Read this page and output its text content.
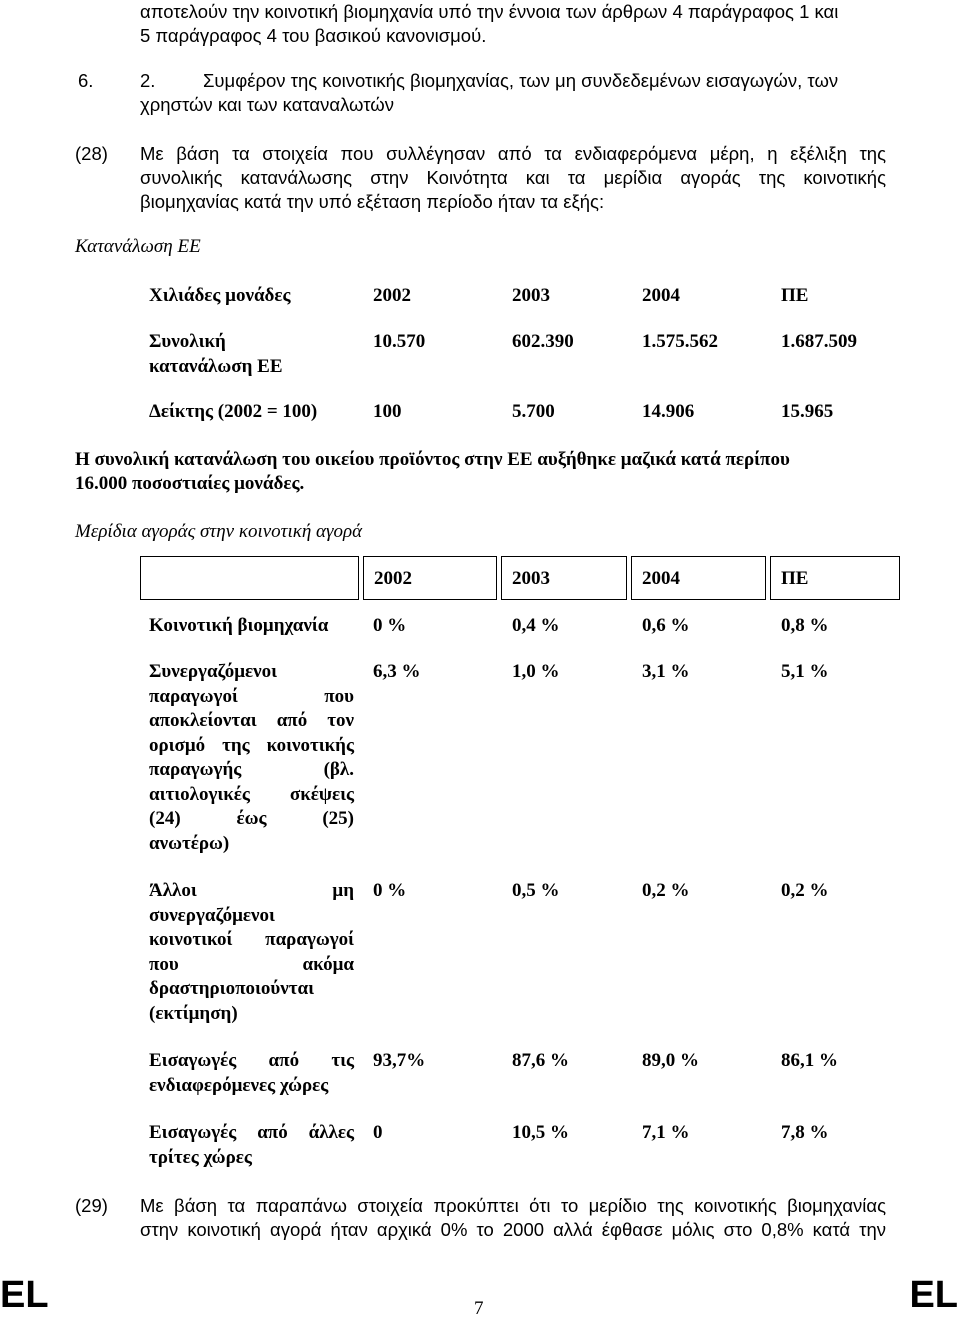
αποτελούν την κοινοτική βιομηχανία υπό την έννοια των άρθρων 4 παράγραφος 1 και
5 παράγραφος 4 του βασικού κανονισμού.
6.	2.	Συμφέρον της κοινοτικής βιομηχανίας, των μη συνδεδεμένων εισαγωγών, των
χρηστών και των καταναλωτών
(28) Με βάση τα στοιχεία που συλλέγησαν από τα ενδιαφερόμενα μέρη, η εξέλιξη της
συνολικής κατανάλωσης στην Κοινότητα και τα μερίδια αγοράς της κοινοτικής
βιομηχανίας κατά την υπό εξέταση περίοδο ήταν τα εξής:
Κατανάλωση ΕΕ
Χιλιάδες μονάδες	2002	2003	2004	ΠΕ
Συνολική
κατανάλωση ΕΕ
10.570	602.390	1.575.562	1.687.509
Δείκτης (2002 = 100)	100	5.700	14.906	15.965
Η συνολική κατανάλωση του οικείου προϊόντος στην ΕΕ αυξήθηκε μαζικά κατά περίπου
16.000 ποσοστιαίες μονάδες.
Μερίδια αγοράς στην κοινοτική αγορά
2002	2003	2004	ΠΕ
Κοινοτική βιομηχανία 0 %	0,4 %	0,6 %	0,8 %
Συνεργαζόμενοι
παραγωγοί που
αποκλείονται από τον
ορισμό της κοινοτικής
παραγωγής (βλ.
αιτιολογικές σκέψεις
(24) έως (25)
ανωτέρω)
6,3 %	1,0 %	3,1 %	5,1 %
Άλλοι μη
συνεργαζόμενοι
κοινοτικοί παραγωγοί
που ακόμα
δραστηριοποιούνται
(εκτίμηση)
0 %	0,5 %	0,2 %	0,2 %
Εισαγωγές από τις
ενδιαφερόμενες χώρες
93,7%	87,6 %	89,0 %	86,1 %
Εισαγωγές από άλλες
τρίτες χώρες
0	10,5 %	7,1 %	7,8 %
(29) Με βάση τα παραπάνω στοιχεία προκύπτει ότι το μερίδιο της κοινοτικής βιομηχανίας
στην κοινοτική αγορά ήταν αρχικά 0% το 2000 αλλά έφθασε μόλις στο 0,8% κατά την
EL	7	EL
